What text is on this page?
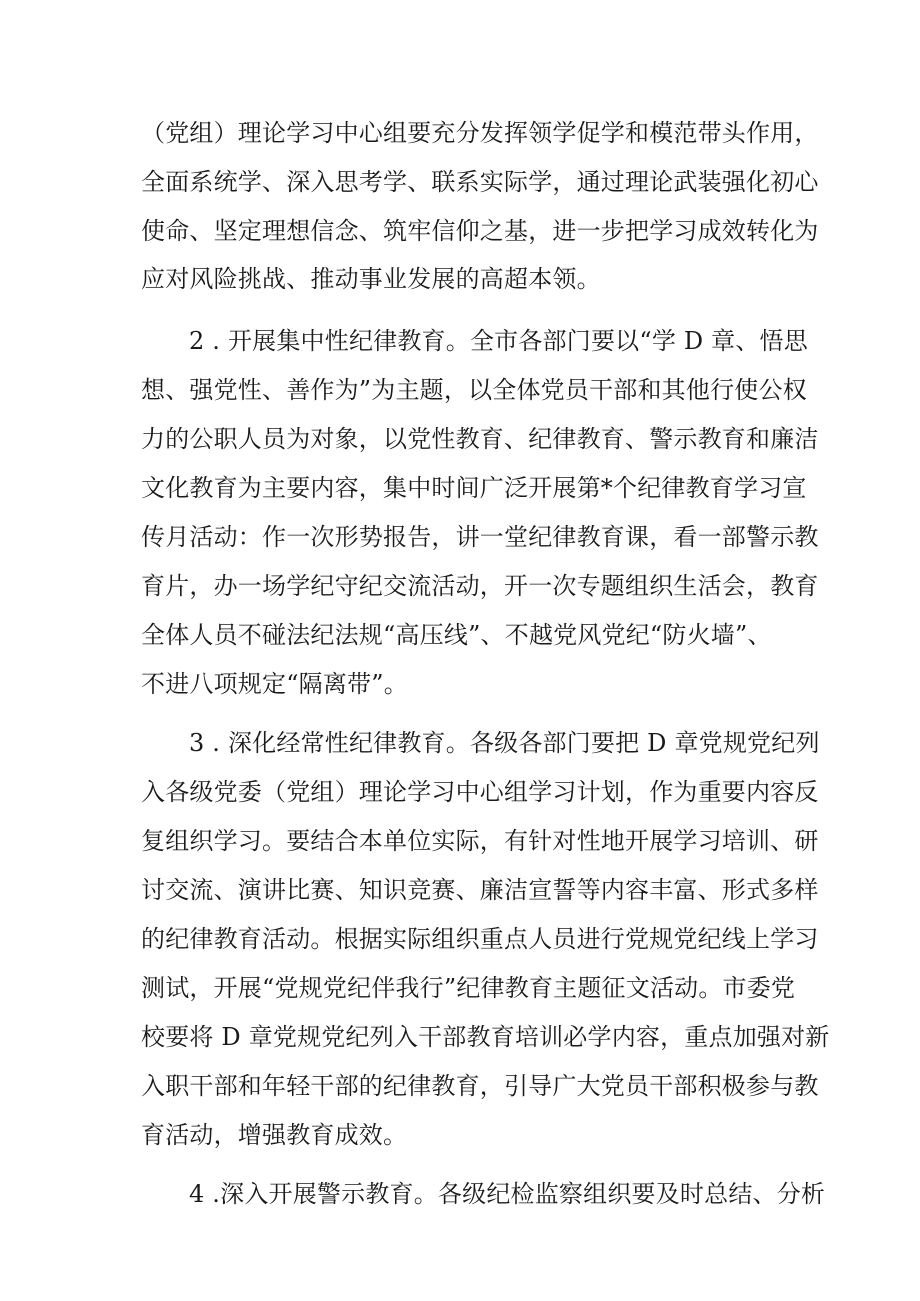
（党组）理论学习中心组要充分发挥领学促学和模范带头作用，
全面系统学、深入思考学、联系实际学，通过理论武装强化初心
使命、坚定理想信念、筑牢信仰之基，进一步把学习成效转化为
应对风险挑战、推动事业发展的高超本领。
2 . 开展集中性纪律教育。全市各部门要以“学 D 章、悟思
想、强党性、善作为”为主题，以全体党员干部和其他行使公权
力的公职人员为对象，以党性教育、纪律教育、警示教育和廉洁
文化教育为主要内容，集中时间广泛开展第*个纪律教育学习宣
传月活动：作一次形势报告，讲一堂纪律教育课，看一部警示教
育片，办一场学纪守纪交流活动，开一次专题组织生活会，教育
全体人员不碰法纪法规“高压线”、不越党风党纪“防火墙”、
不进八项规定“隔离带”。
3 . 深化经常性纪律教育。各级各部门要把 D 章党规党纪列
入各级党委（党组）理论学习中心组学习计划，作为重要内容反
复组织学习。要结合本单位实际，有针对性地开展学习培训、研
讨交流、演讲比赛、知识竞赛、廉洁宣誓等内容丰富、形式多样
的纪律教育活动。根据实际组织重点人员进行党规党纪线上学习
测试，开展“党规党纪伴我行”纪律教育主题征文活动。市委党
校要将 D 章党规党纪列入干部教育培训必学内容，重点加强对新
入职干部和年轻干部的纪律教育，引导广大党员干部积极参与教
育活动，增强教育成效。
4 .深入开展警示教育。各级纪检监察组织要及时总结、分析
